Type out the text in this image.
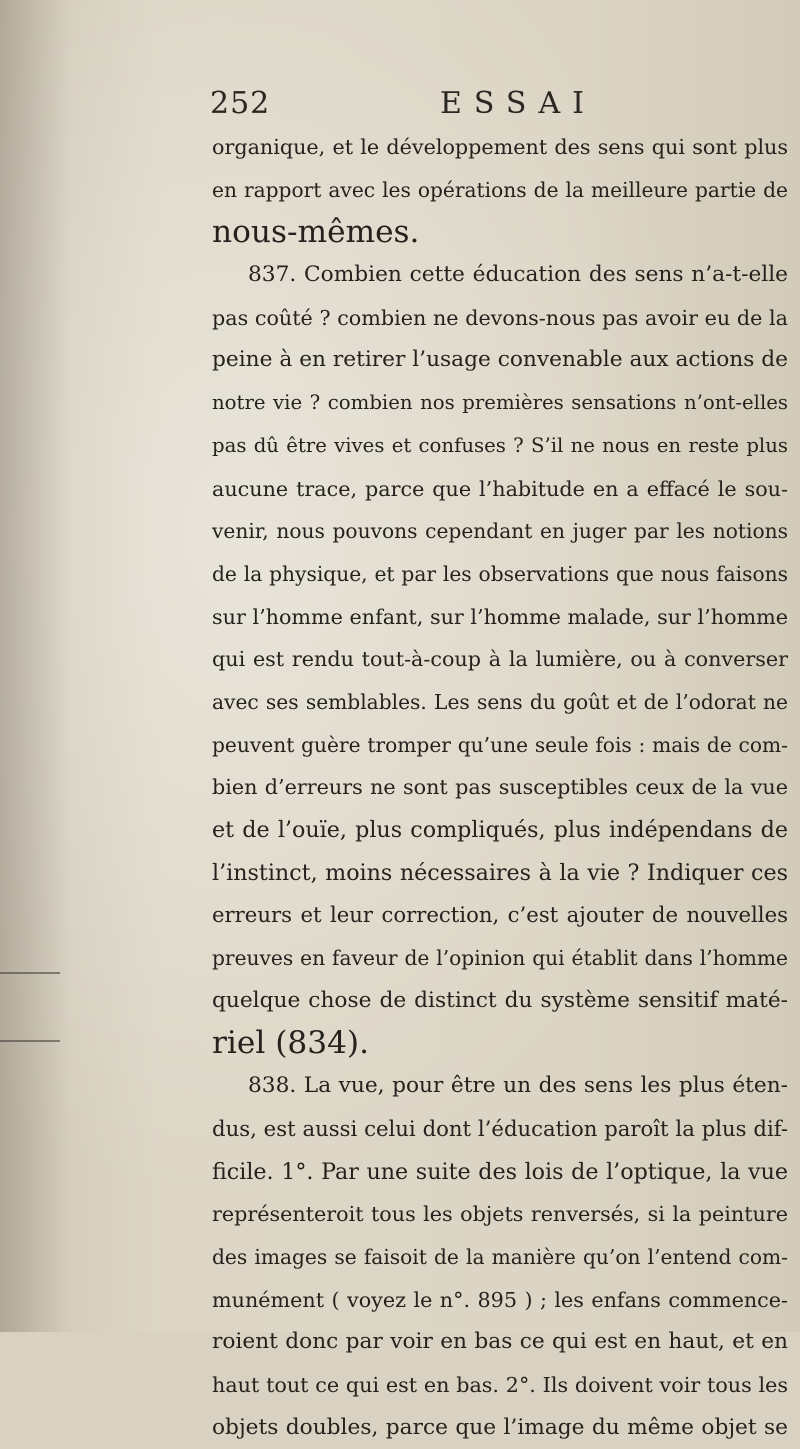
252	ESSAI
organique, et le développement des sens qui sont plus
en rapport avec les opérations de la meilleure partie de
nous-mêmes.
837. Combien cette éducation des sens n’a-t-elle
pas coûté ? combien ne devons-nous pas avoir eu de la
peine à en retirer l’usage convenable aux actions de
notre vie ? combien nos premières sensations n’ont-elles
pas dû être vives et confuses ? S’il ne nous en reste plus
aucune trace, parce que l’habitude en a effacé le sou-
venir, nous pouvons cependant en juger par les notions
de la physique, et par les observations que nous faisons
sur l’homme enfant, sur l’homme malade, sur l’homme
qui est rendu tout-à-coup à la lumière, ou à converser
avec ses semblables. Les sens du goût et de l’odorat ne
peuvent guère tromper qu’une seule fois : mais de com-
bien d’erreurs ne sont pas susceptibles ceux de la vue
et de l’ouïe, plus compliqués, plus indépendans de
l’instinct, moins nécessaires à la vie ? Indiquer ces
erreurs et leur correction, c’est ajouter de nouvelles
preuves en faveur de l’opinion qui établit dans l’homme
quelque chose de distinct du système sensitif maté-
riel (834).
838. La vue, pour être un des sens les plus éten-
dus, est aussi celui dont l’éducation paroît la plus dif-
ficile. 1°. Par une suite des lois de l’optique, la vue
représenteroit tous les objets renversés, si la peinture
des images se faisoit de la manière qu’on l’entend com-
munément ( voyez le n°. 895 ) ; les enfans commence-
roient donc par voir en bas ce qui est en haut, et en
haut tout ce qui est en bas. 2°. Ils doivent voir tous les
objets doubles, parce que l’image du même objet se
